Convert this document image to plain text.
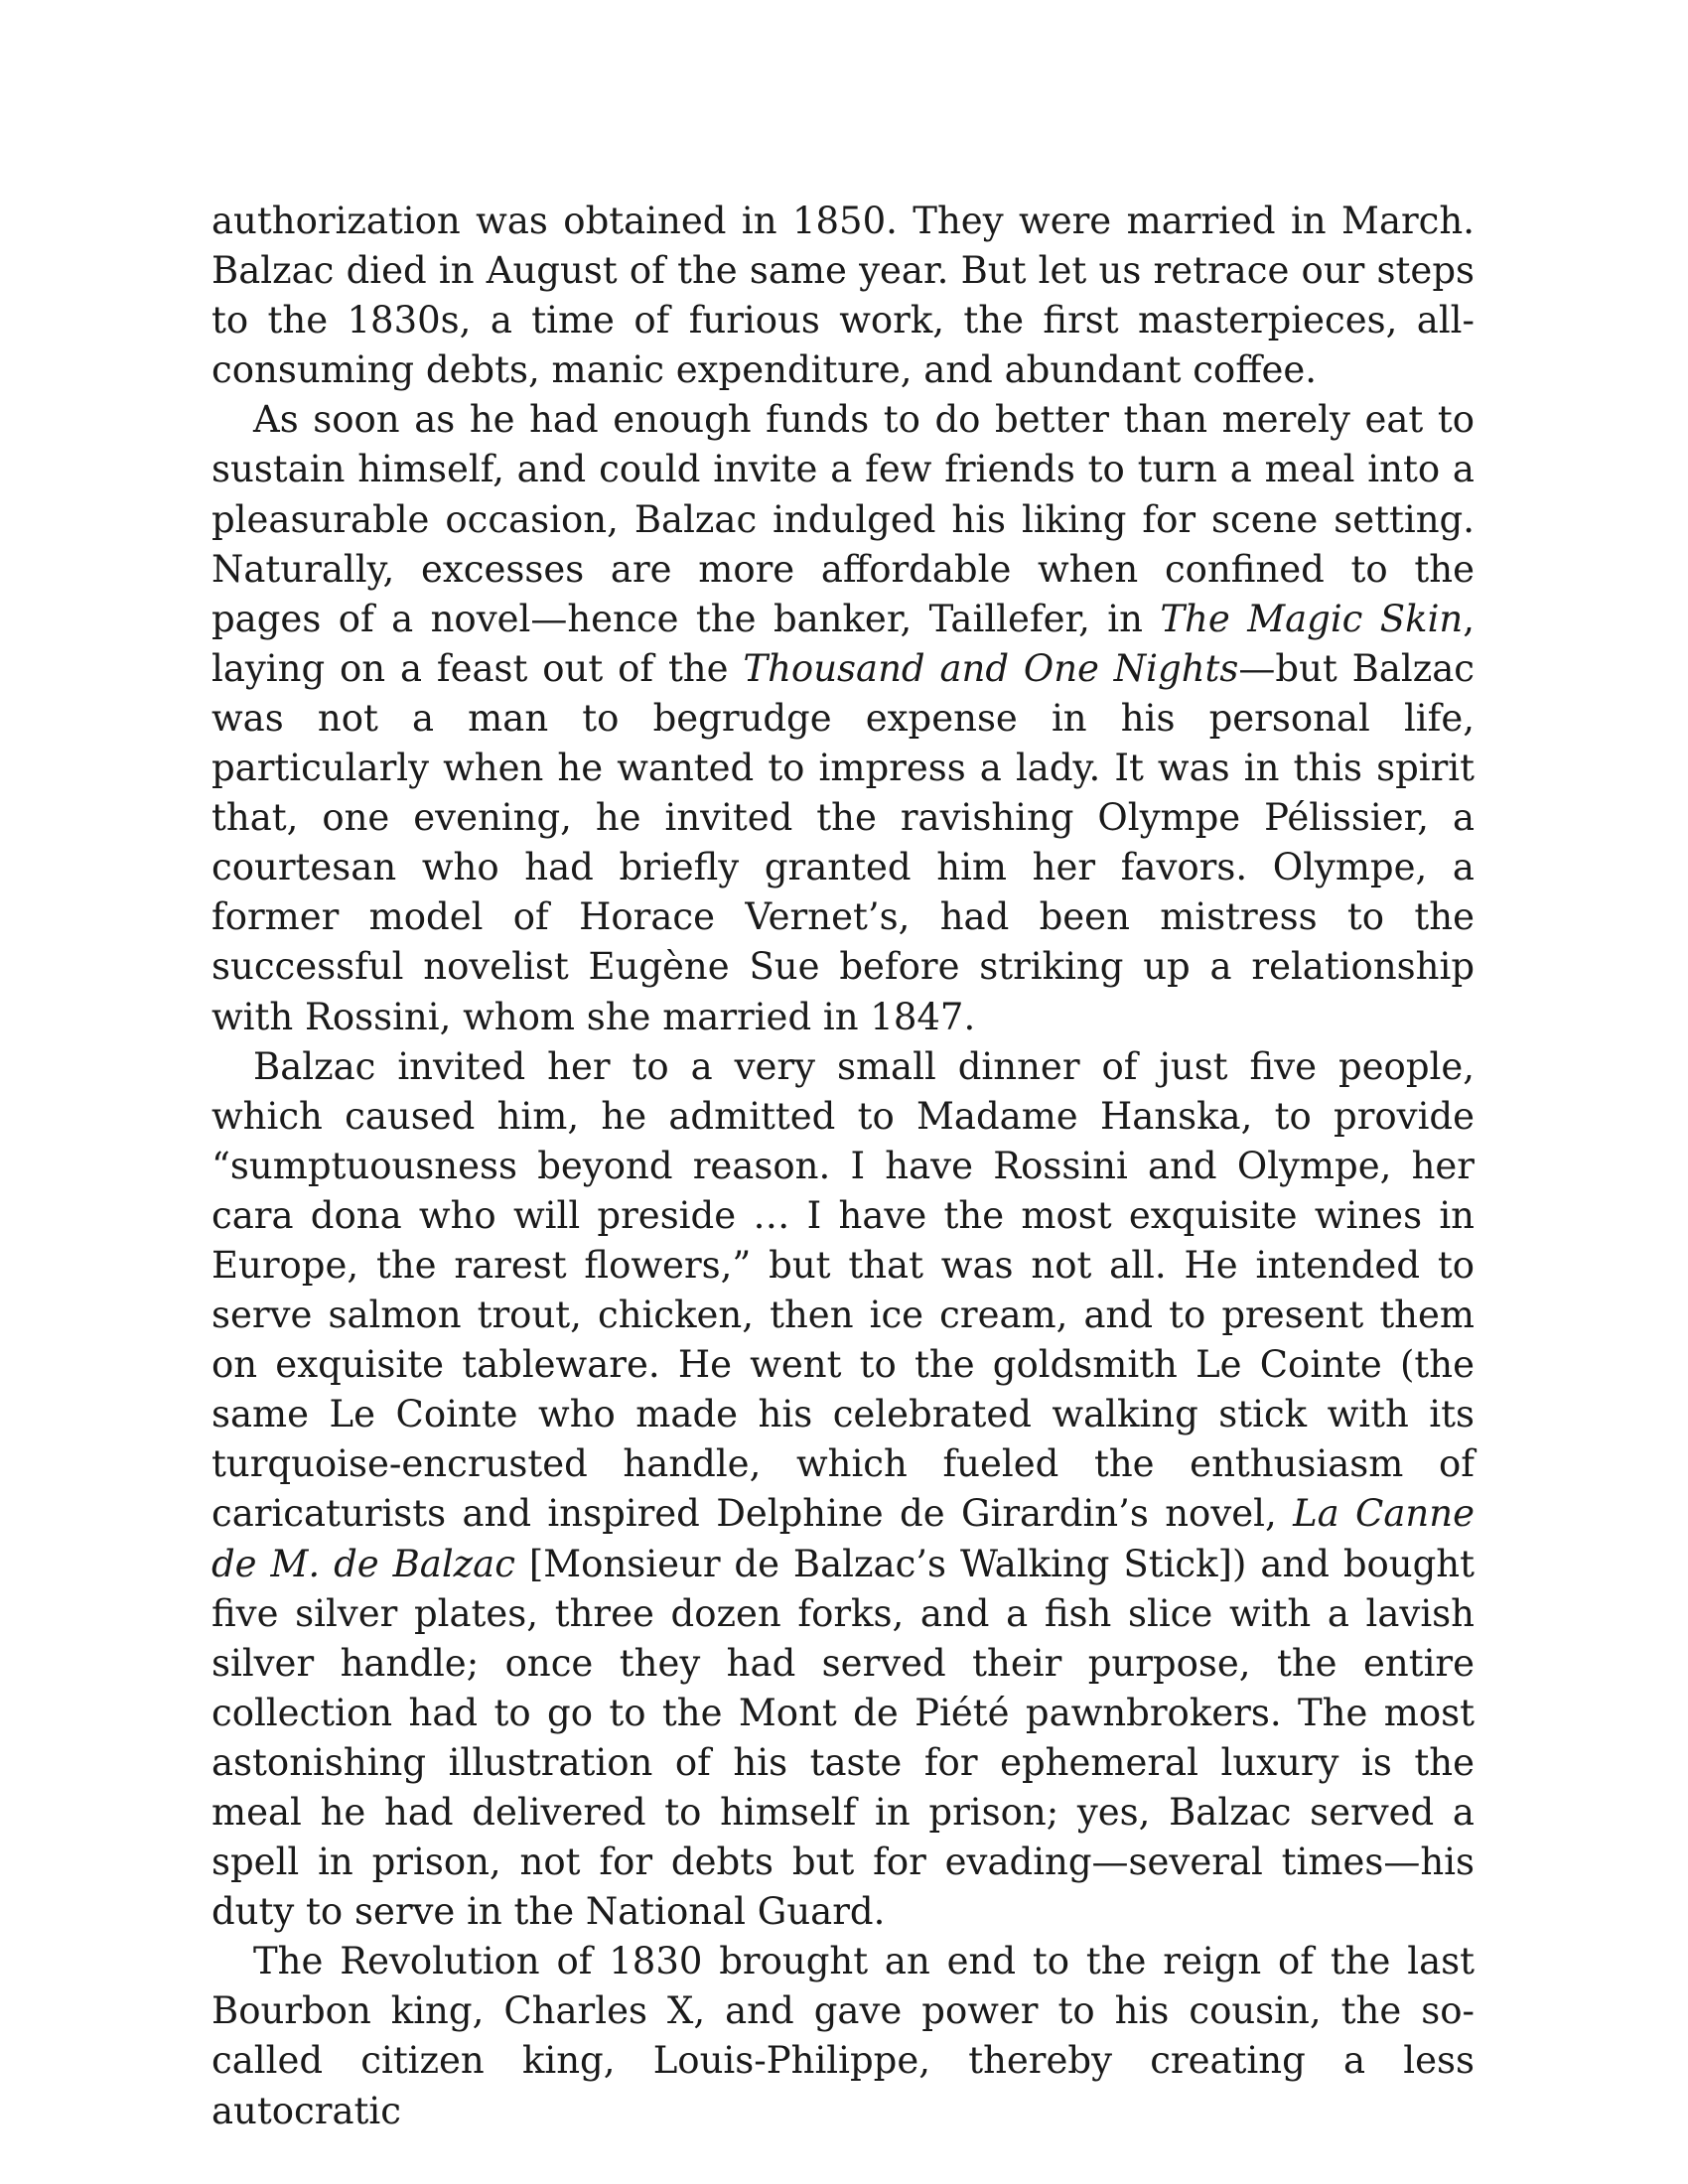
authorization was obtained in 1850. They were married in March. Balzac died in August of the same year. But let us retrace our steps to the 1830s, a time of furious work, the first masterpieces, all-consuming debts, manic expenditure, and abundant coffee.

As soon as he had enough funds to do better than merely eat to sustain himself, and could invite a few friends to turn a meal into a pleasurable occasion, Balzac indulged his liking for scene setting. Naturally, excesses are more affordable when confined to the pages of a novel—hence the banker, Taillefer, in The Magic Skin, laying on a feast out of the Thousand and One Nights—but Balzac was not a man to begrudge expense in his personal life, particularly when he wanted to impress a lady. It was in this spirit that, one evening, he invited the ravishing Olympe Pélissier, a courtesan who had briefly granted him her favors. Olympe, a former model of Horace Vernet’s, had been mistress to the successful novelist Eugène Sue before striking up a relationship with Rossini, whom she married in 1847.

Balzac invited her to a very small dinner of just five people, which caused him, he admitted to Madame Hanska, to provide “sumptuousness beyond reason. I have Rossini and Olympe, her cara dona who will preside … I have the most exquisite wines in Europe, the rarest flowers,” but that was not all. He intended to serve salmon trout, chicken, then ice cream, and to present them on exquisite tableware. He went to the goldsmith Le Cointe (the same Le Cointe who made his celebrated walking stick with its turquoise-encrusted handle, which fueled the enthusiasm of caricaturists and inspired Delphine de Girardin’s novel, La Canne de M. de Balzac [Monsieur de Balzac’s Walking Stick]) and bought five silver plates, three dozen forks, and a fish slice with a lavish silver handle; once they had served their purpose, the entire collection had to go to the Mont de Piété pawnbrokers. The most astonishing illustration of his taste for ephemeral luxury is the meal he had delivered to himself in prison; yes, Balzac served a spell in prison, not for debts but for evading—several times—his duty to serve in the National Guard.

The Revolution of 1830 brought an end to the reign of the last Bourbon king, Charles X, and gave power to his cousin, the so-called citizen king, Louis-Philippe, thereby creating a less autocratic
